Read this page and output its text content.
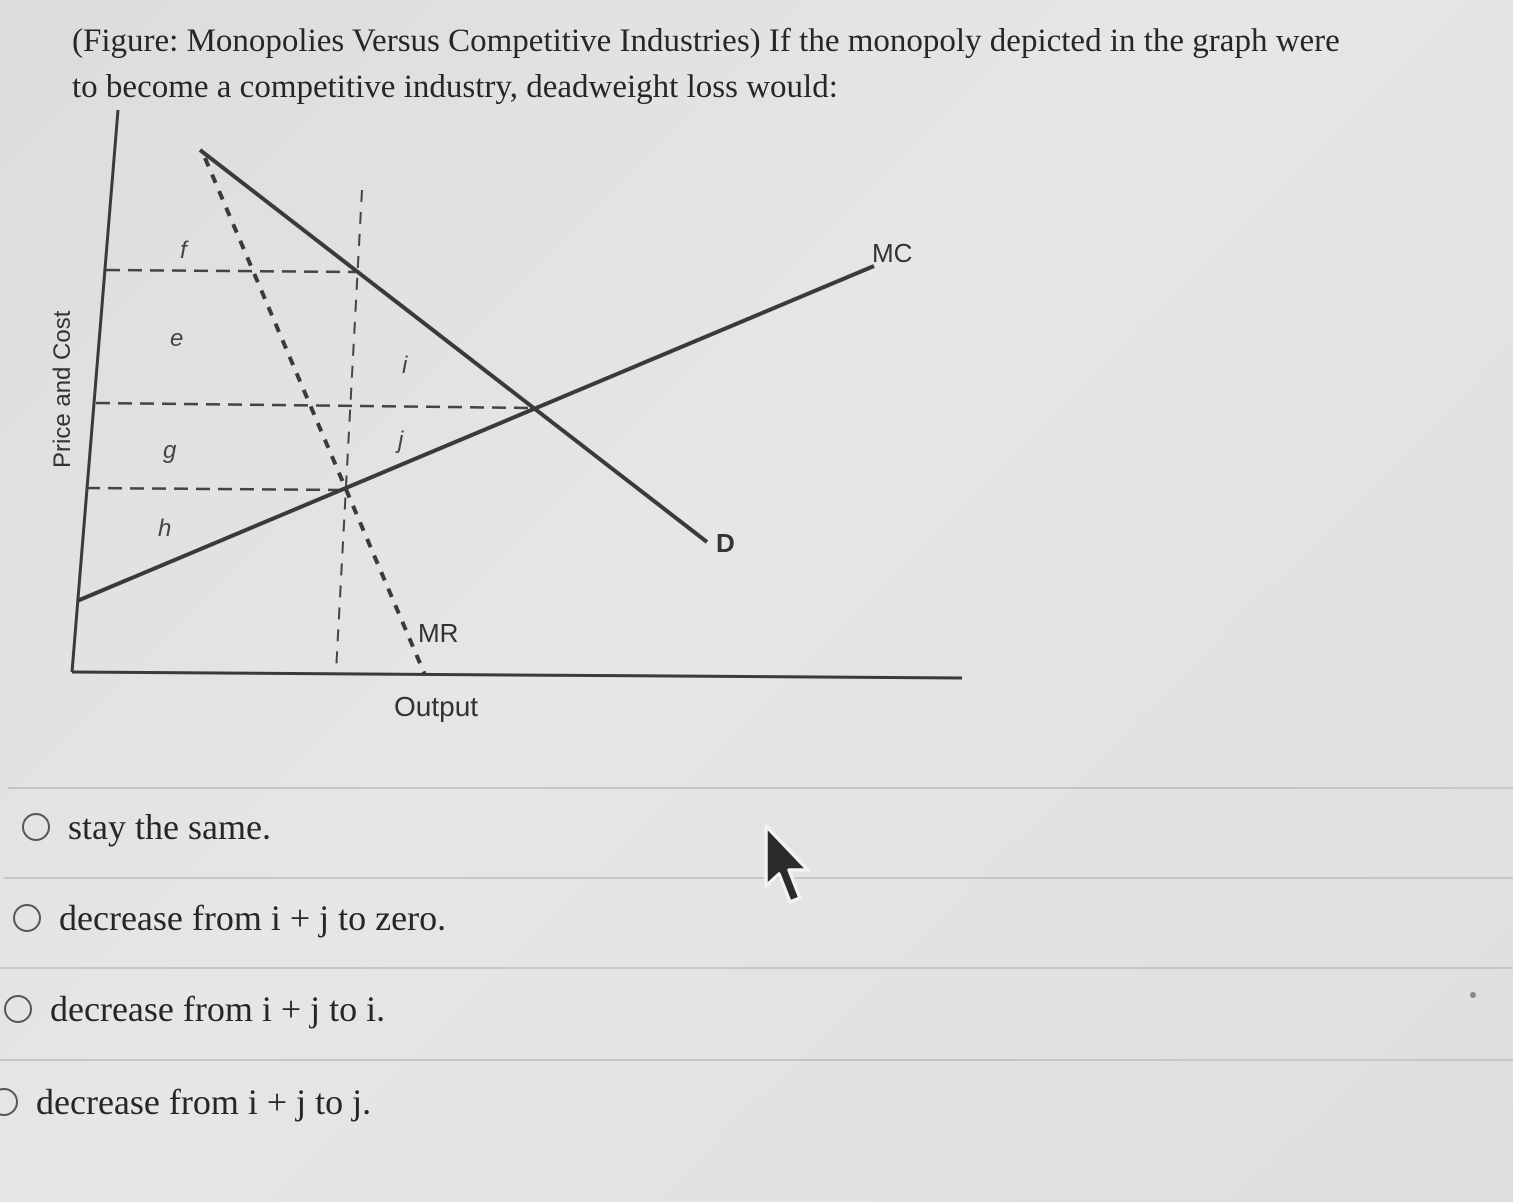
(Figure: Monopolies Versus Competitive Industries) If the monopoly depicted in the graph were
to become a competitive industry, deadweight loss would:
MC
D
MR
f
e
g
h
i
j
Price and Cost
Output
stay the same.
decrease from i + j to zero.
decrease from i + j to i.
decrease from i + j to j.
